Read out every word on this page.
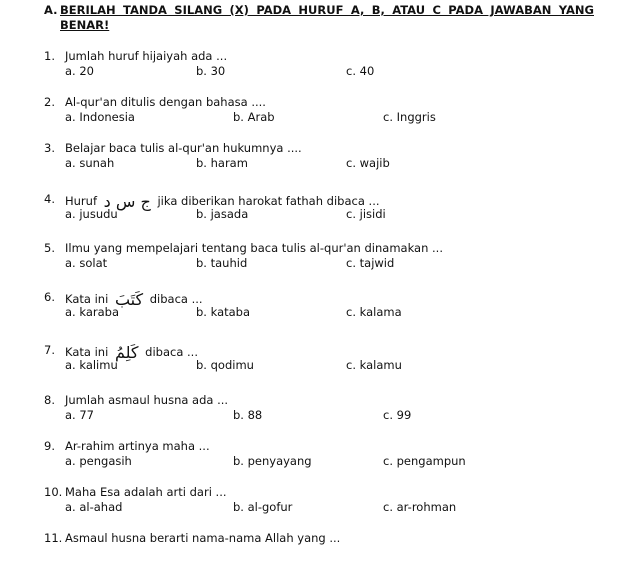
A. BERILAH TANDA SILANG (X) PADA HURUF A, B, ATAU C PADA JAWABAN YANG
BENAR!
1. Jumlah huruf hijaiyah ada ...
a. 20	b. 30	c. 40
2. Al-qur'an ditulis dengan bahasa ....
a. Indonesia	b. Arab	c. Inggris
3. Belajar baca tulis al-qur'an hukumnya ....
a. sunah	b. haram	c. wajib
4. Huruf ج س د jika diberikan harokat fathah dibaca ...
a. jusudu	b. jasada	c. jisidi
5. Ilmu yang mempelajari tentang baca tulis al-qur'an dinamakan ...
a. solat	b. tauhid	c. tajwid
6. Kata ini كَتَبَ dibaca ...
a. karaba	b. kataba	c. kalama
7. Kata ini كَلِمُ dibaca ...
a. kalimu	b. qodimu	c. kalamu
8. Jumlah asmaul husna ada ...
a. 77	b. 88	c. 99
9. Ar-rahim artinya maha ...
a. pengasih	b. penyayang	c. pengampun
10. Maha Esa adalah arti dari ...
a. al-ahad	b. al-gofur	c. ar-rohman
11. Asmaul husna berarti nama-nama Allah yang ...
